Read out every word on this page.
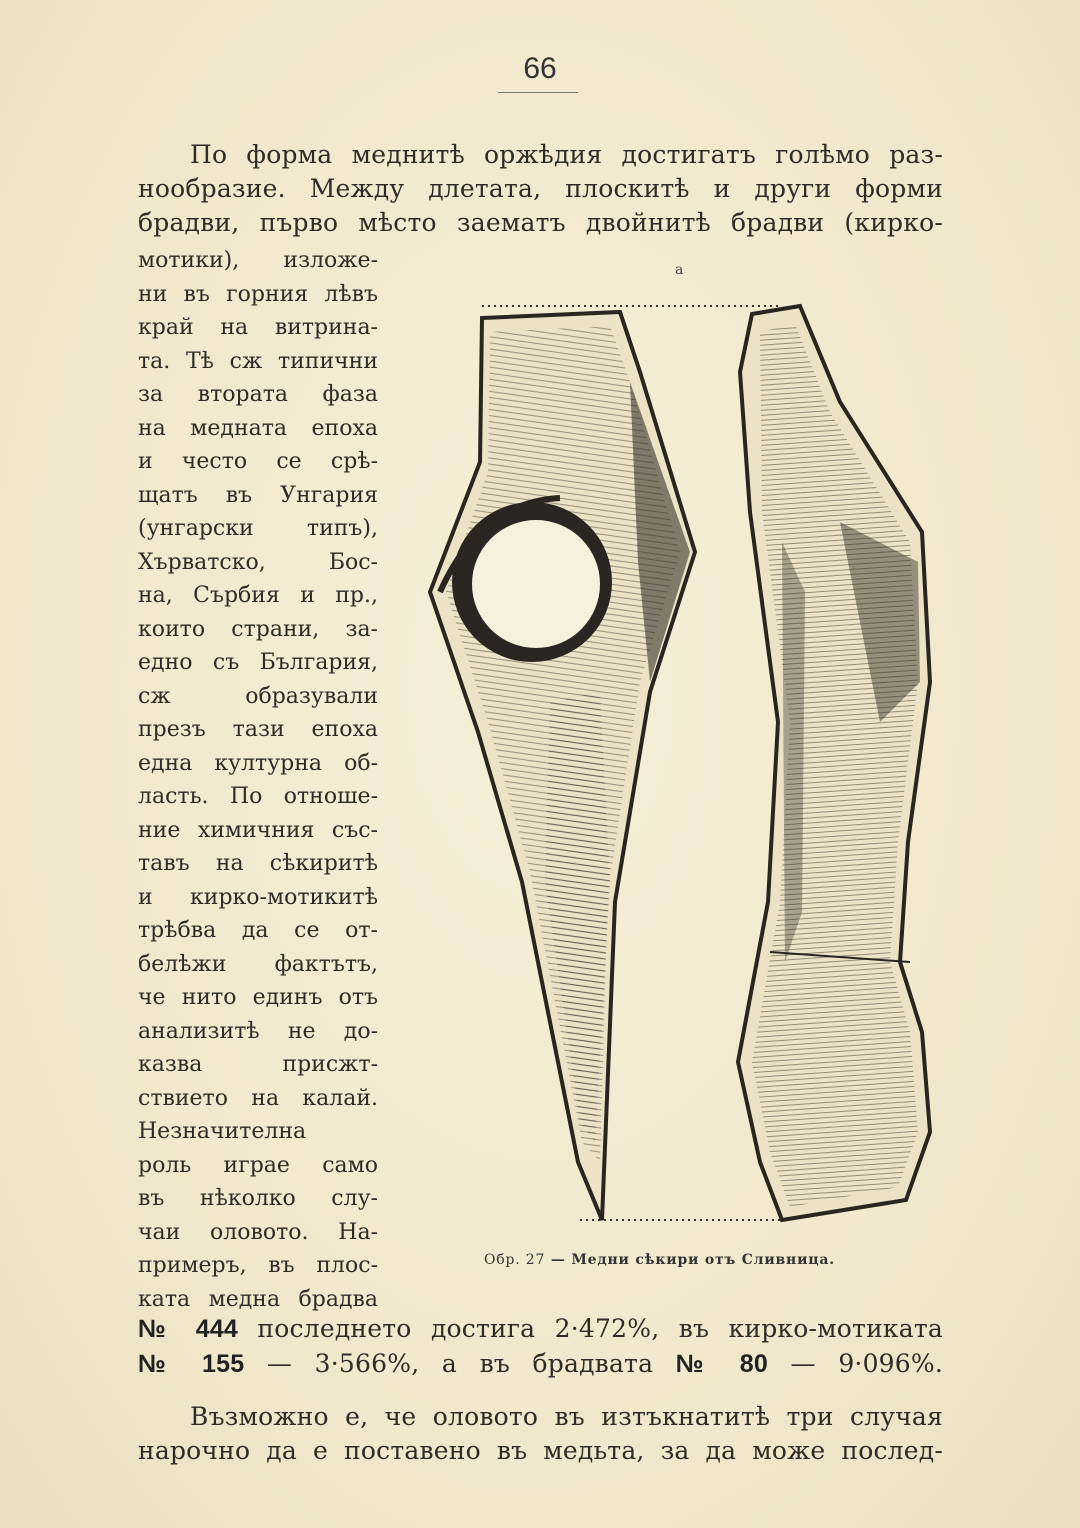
66
По форма меднитѣ оржѣдия достигатъ голѣмо раз-
нообразие. Между длетата, плоскитѣ и други форми
брадви, първо мѣсто заематъ двойнитѣ брадви (кирко-
мотики), изложе-
ни въ горния лѣвъ
край на витрина-
та. Тѣ сж типични
за втората фаза
на медната епоха
и често се срѣ-
щатъ въ Унгария
(унгарски типъ),
Хърватско, Бос-
на, Сърбия и пр.,
които страни, за-
едно съ България,
сж образували
презъ тази епоха
една културна об-
ласть. По отноше-
ние химичния със-
тавъ на сѣкиритѣ
и кирко-мотикитѣ
трѣбва да се от-
белѣжи фактътъ,
че нито единъ отъ
анализитѣ не до-
казва присжт-
ствието на калай.
Незначителна
роль играе само
въ нѣколко слу-
чаи оловото. На-
примеръ, въ плос-
ката медна брадва
a
Обр. 27 — Медни сѣкири отъ Сливница.
№ 444 последнето достига 2·472%, въ кирко-мотиката
№ 155 — 3·566%, а въ брадвата № 80 — 9·096%.
Възможно е, че оловото въ изтъкнатитѣ три случая
нарочно да е поставено въ медьта, за да може послед-
